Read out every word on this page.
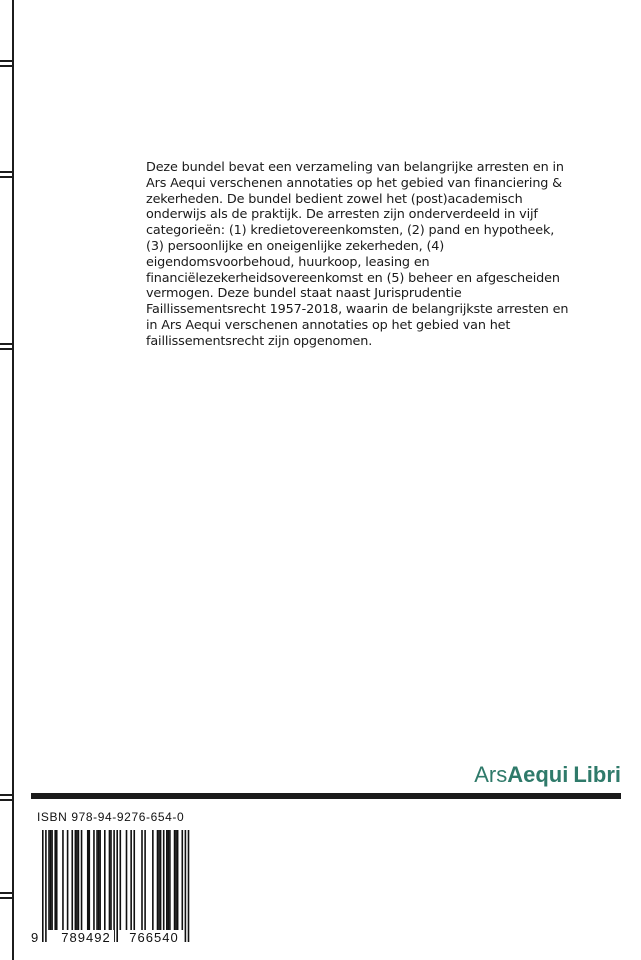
Deze bundel bevat een verzameling van belangrijke arresten en in
Ars Aequi verschenen annotaties op het gebied van financiering &
zekerheden. De bundel bedient zowel het (post)academisch
onderwijs als de praktijk. De arresten zijn onderverdeeld in vijf
categorieën: (1) kredietovereenkomsten, (2) pand en hypotheek,
(3) persoonlijke en oneigenlijke zekerheden, (4)
eigendomsvoorbehoud, huurkoop, leasing en
financiëlezekerheidsovereenkomst en (5) beheer en afgescheiden
vermogen. Deze bundel staat naast Jurisprudentie
Faillissementsrecht 1957-2018, waarin de belangrijkste arresten en
in Ars Aequi verschenen annotaties op het gebied van het
faillissementsrecht zijn opgenomen.
ArsAequi Libri
ISBN 978-94-9276-654-0
9 789492	766540
